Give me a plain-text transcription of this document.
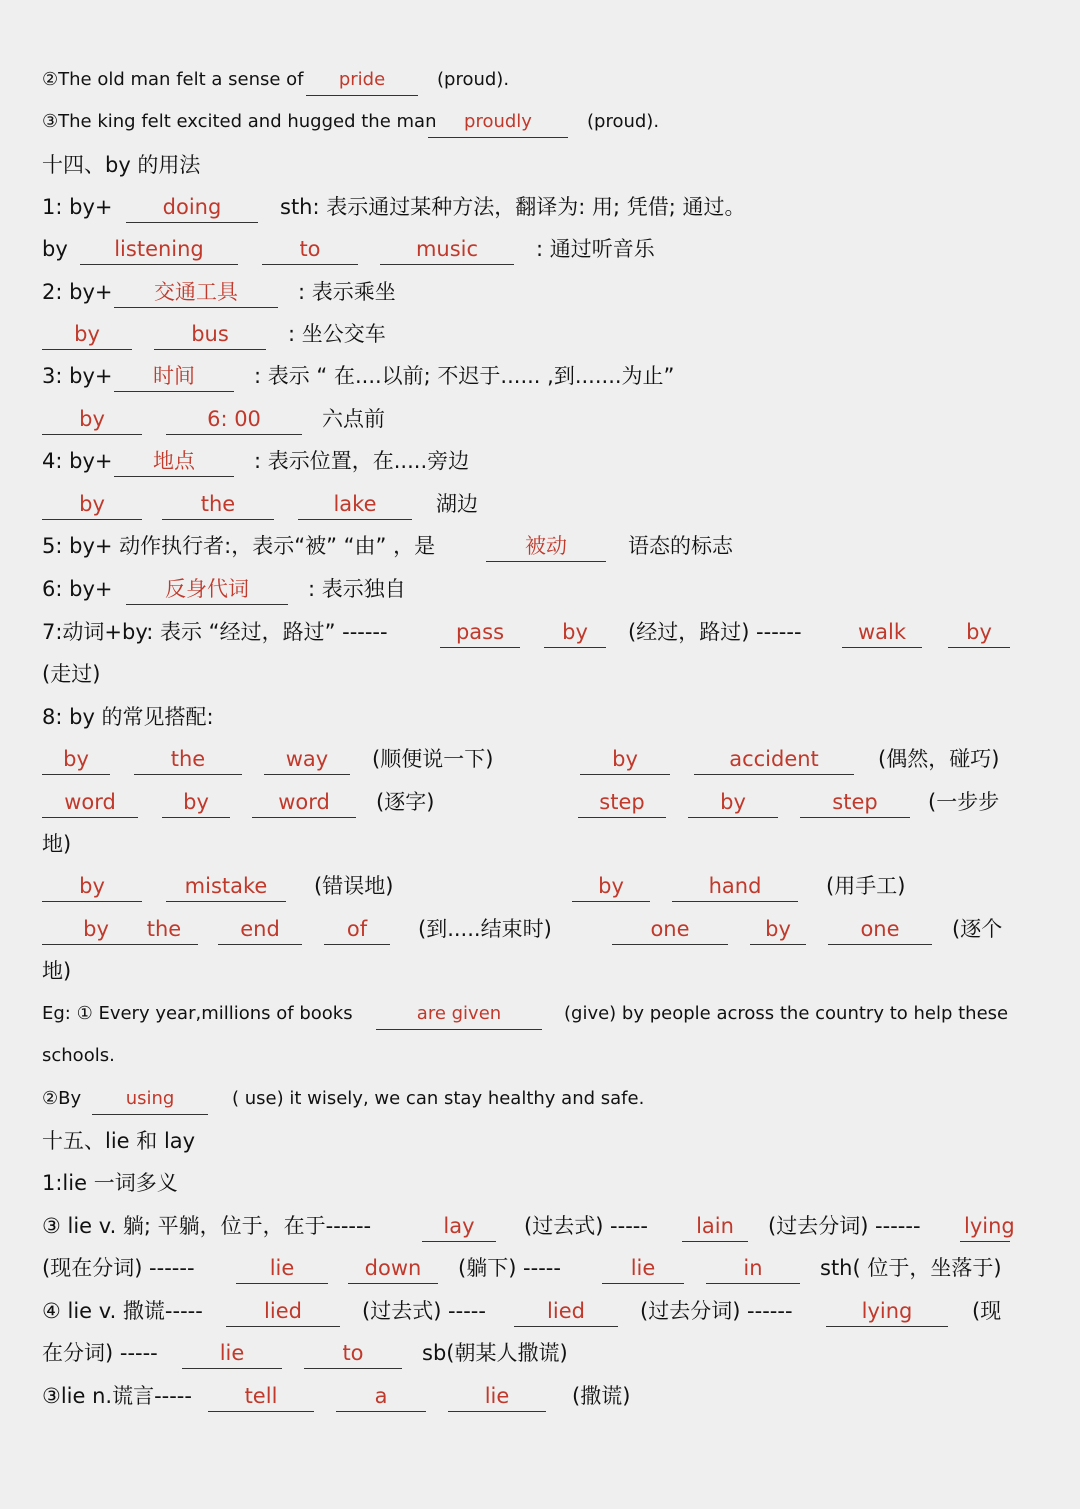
②The old man felt a sense of	pride	(proud).
③The king felt excited and hugged the man	proudly	(proud).
十四、by 的用法
1: by+	doing	sth: 表示通过某种方法，翻译为: 用; 凭借; 通过。
by	listening	to	music	: 通过听音乐
2: by+	交通工具	: 表示乘坐
by	bus	: 坐公交车
3: by+	时间	: 表示 “ 在....以前; 不迟于...... ,到.......为止”
by	6: 00	六点前
4: by+	地点	: 表示位置，在.....旁边
by	the	lake	湖边
5: by+ 动作执行者:，表示“被” “由” ，是	被动	语态的标志
6: by+	反身代词	: 表示独自
7:动词+by: 表示 “经过，路过” ------	pass	by	(经过，路过) ------	walk	by
(走过)
8: by 的常见搭配:
by	the	way	(顺便说一下)	by	accident	(偶然，碰巧)
word	by	word	(逐字)	step	by	step	(一步步
地)
by	mistake	(错误地)	by	hand	(用手工)
by	the	end	of	(到.....结束时)	one	by	one	(逐个
地)
Eg: ① Every year,millions of books	are given	(give) by people across the country to help these
schools.
②By	using	( use) it wisely, we can stay healthy and safe.
十五、lie 和 lay
1:lie 一词多义
③ lie v. 躺; 平躺，位于，在于------	lay	(过去式) -----	lain	(过去分词) ------ lying
(现在分词) ------	lie	down	(躺下) -----	lie	in	sth( 位于，坐落于)
④ lie v. 撒谎-----	lied	(过去式) -----	lied	(过去分词) ------	lying	(现
在分词) -----	lie	to	sb(朝某人撒谎)
③lie n.谎言-----	tell	a	lie	(撒谎)
